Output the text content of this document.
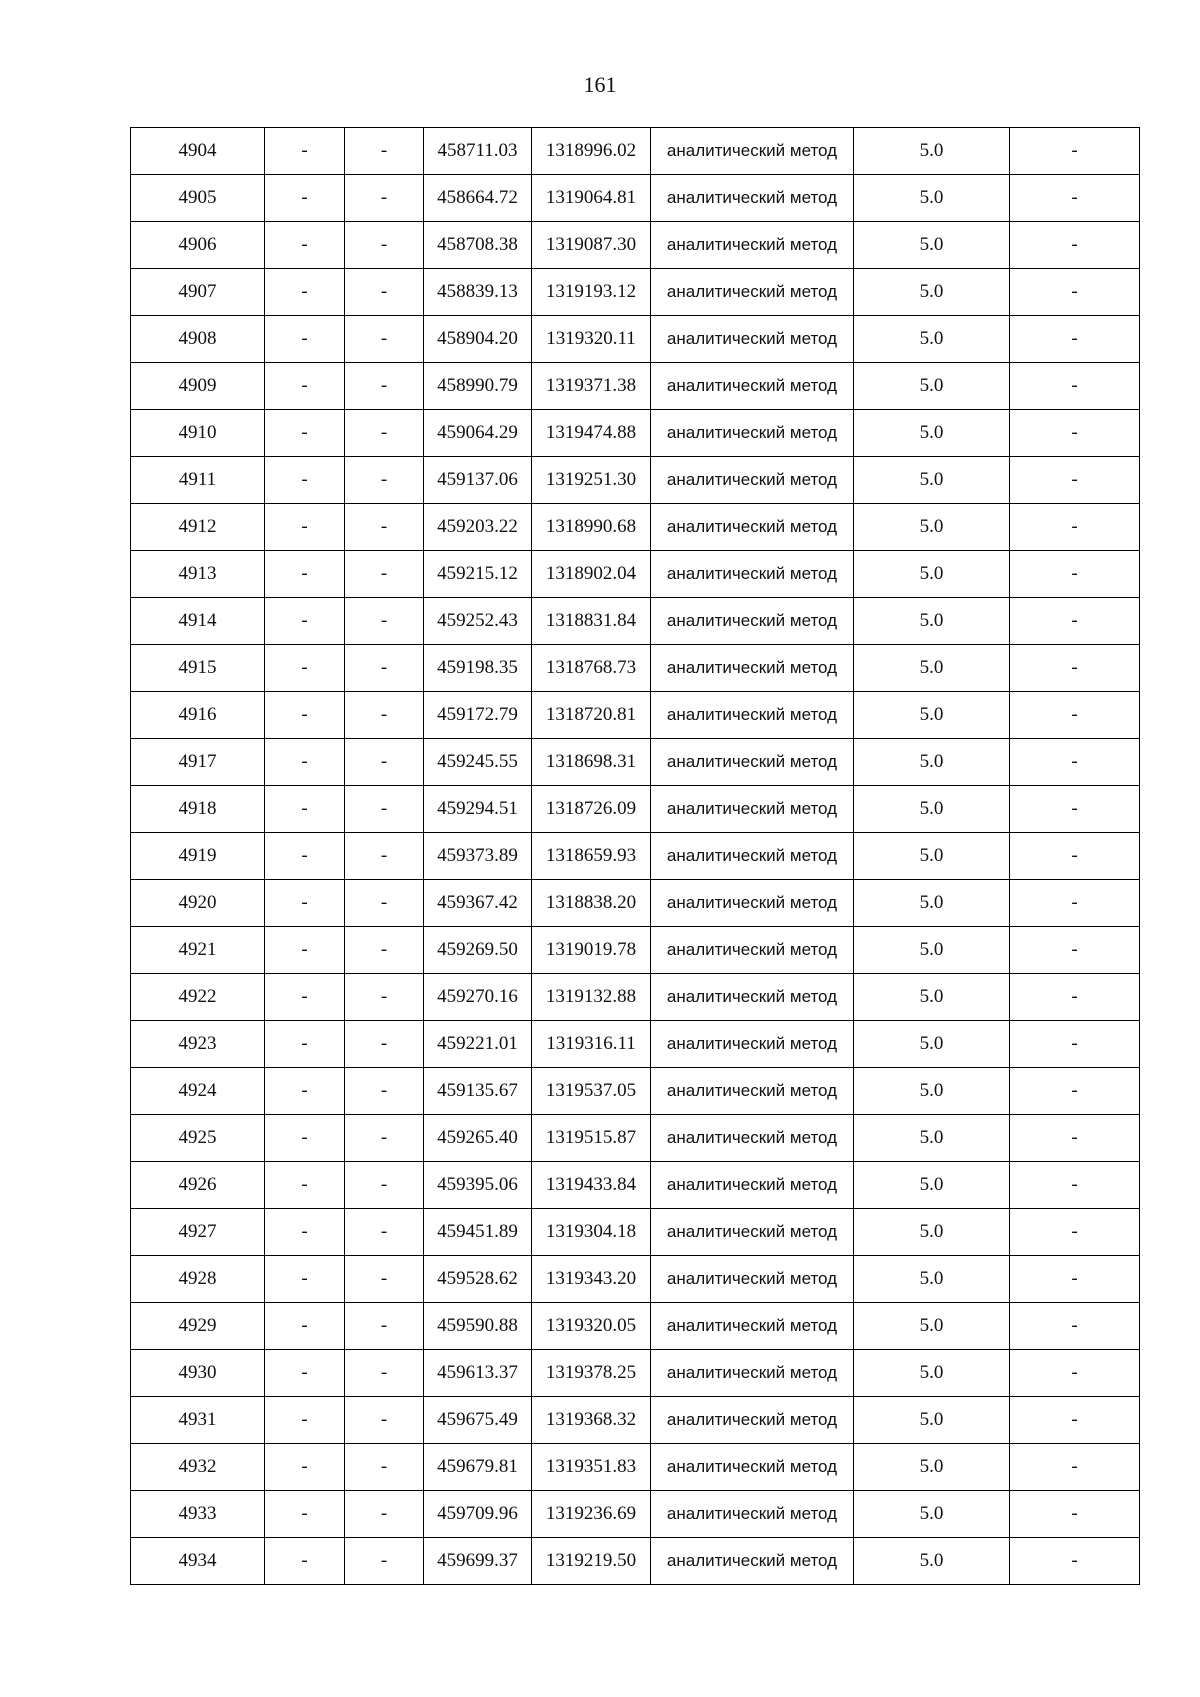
161
4904	-	-	458711.03	1318996.02	аналитический метод	5.0	-
4905	-	-	458664.72	1319064.81	аналитический метод	5.0	-
4906	-	-	458708.38	1319087.30	аналитический метод	5.0	-
4907	-	-	458839.13	1319193.12	аналитический метод	5.0	-
4908	-	-	458904.20	1319320.11	аналитический метод	5.0	-
4909	-	-	458990.79	1319371.38	аналитический метод	5.0	-
4910	-	-	459064.29	1319474.88	аналитический метод	5.0	-
4911	-	-	459137.06	1319251.30	аналитический метод	5.0	-
4912	-	-	459203.22	1318990.68	аналитический метод	5.0	-
4913	-	-	459215.12	1318902.04	аналитический метод	5.0	-
4914	-	-	459252.43	1318831.84	аналитический метод	5.0	-
4915	-	-	459198.35	1318768.73	аналитический метод	5.0	-
4916	-	-	459172.79	1318720.81	аналитический метод	5.0	-
4917	-	-	459245.55	1318698.31	аналитический метод	5.0	-
4918	-	-	459294.51	1318726.09	аналитический метод	5.0	-
4919	-	-	459373.89	1318659.93	аналитический метод	5.0	-
4920	-	-	459367.42	1318838.20	аналитический метод	5.0	-
4921	-	-	459269.50	1319019.78	аналитический метод	5.0	-
4922	-	-	459270.16	1319132.88	аналитический метод	5.0	-
4923	-	-	459221.01	1319316.11	аналитический метод	5.0	-
4924	-	-	459135.67	1319537.05	аналитический метод	5.0	-
4925	-	-	459265.40	1319515.87	аналитический метод	5.0	-
4926	-	-	459395.06	1319433.84	аналитический метод	5.0	-
4927	-	-	459451.89	1319304.18	аналитический метод	5.0	-
4928	-	-	459528.62	1319343.20	аналитический метод	5.0	-
4929	-	-	459590.88	1319320.05	аналитический метод	5.0	-
4930	-	-	459613.37	1319378.25	аналитический метод	5.0	-
4931	-	-	459675.49	1319368.32	аналитический метод	5.0	-
4932	-	-	459679.81	1319351.83	аналитический метод	5.0	-
4933	-	-	459709.96	1319236.69	аналитический метод	5.0	-
4934	-	-	459699.37	1319219.50	аналитический метод	5.0	-
